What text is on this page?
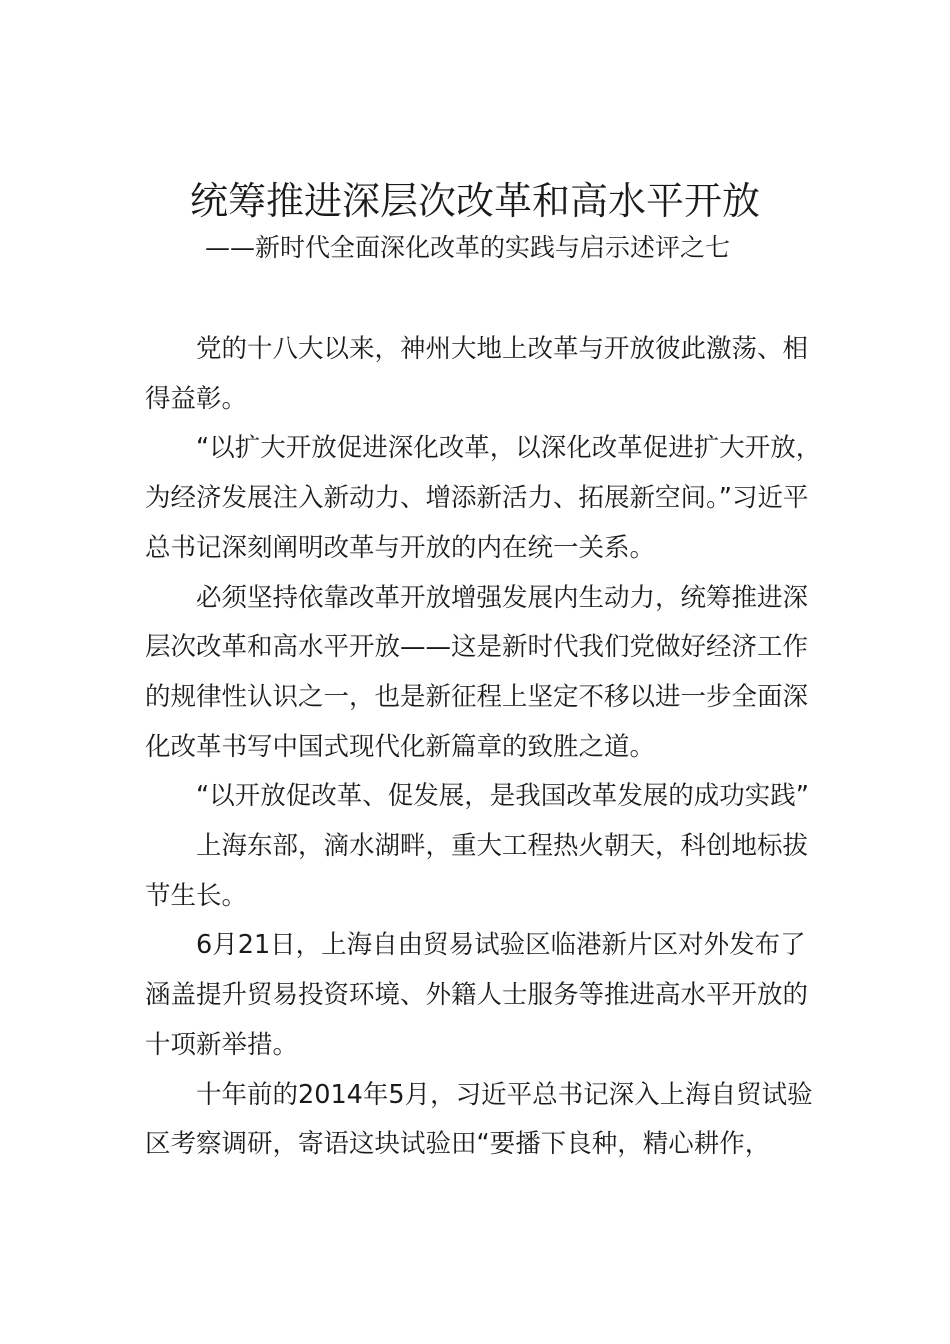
统筹推进深层次改革和高水平开放
——新时代全面深化改革的实践与启示述评之七

党的十八大以来，神州大地上改革与开放彼此激荡、相得益彰。

“以扩大开放促进深化改革，以深化改革促进扩大开放，为经济发展注入新动力、增添新活力、拓展新空间。”习近平总书记深刻阐明改革与开放的内在统一关系。

必须坚持依靠改革开放增强发展内生动力，统筹推进深层次改革和高水平开放——这是新时代我们党做好经济工作的规律性认识之一，也是新征程上坚定不移以进一步全面深化改革书写中国式现代化新篇章的致胜之道。

“以开放促改革、促发展，是我国改革发展的成功实践”

上海东部，滴水湖畔，重大工程热火朝天，科创地标拔节生长。

6月21日，上海自由贸易试验区临港新片区对外发布了涵盖提升贸易投资环境、外籍人士服务等推进高水平开放的十项新举措。

十年前的2014年5月，习近平总书记深入上海自贸试验区考察调研，寄语这块试验田“要播下良种，精心耕作，
